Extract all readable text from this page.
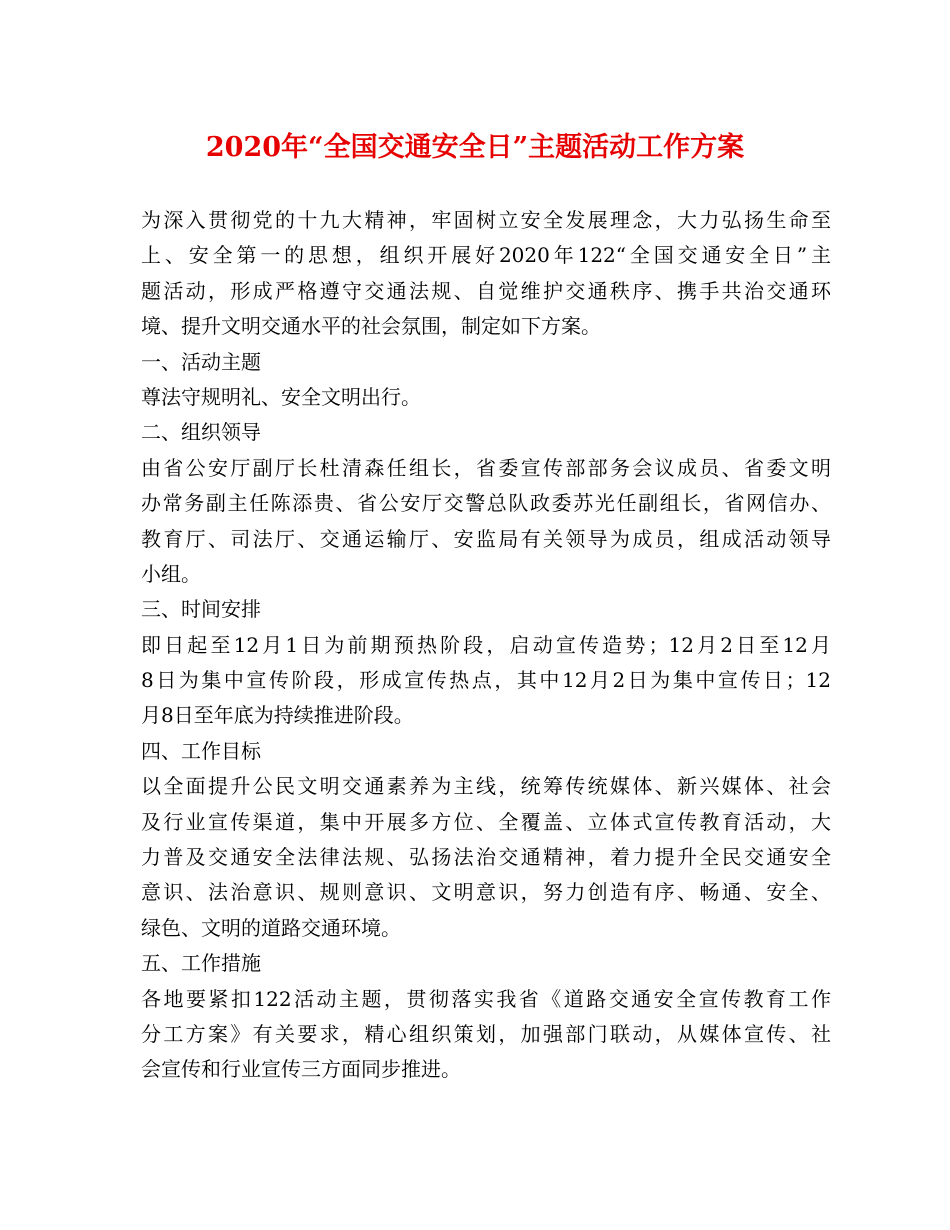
2020年“全国交通安全日”主题活动工作方案
为深入贯彻党的十九大精神，牢固树立安全发展理念，大力弘扬生命至
上、安全第一的思想，组织开展好2020年122“全国交通安全日”主
题活动，形成严格遵守交通法规、自觉维护交通秩序、携手共治交通环
境、提升文明交通水平的社会氛围，制定如下方案。
一、活动主题
尊法守规明礼、安全文明出行。
二、组织领导
由省公安厅副厅长杜清森任组长，省委宣传部部务会议成员、省委文明
办常务副主任陈添贵、省公安厅交警总队政委苏光任副组长，省网信办、
教育厅、司法厅、交通运输厅、安监局有关领导为成员，组成活动领导
小组。
三、时间安排
即日起至12月1日为前期预热阶段，启动宣传造势；12月2日至12月
8日为集中宣传阶段，形成宣传热点，其中12月2日为集中宣传日；12
月8日至年底为持续推进阶段。
四、工作目标
以全面提升公民文明交通素养为主线，统筹传统媒体、新兴媒体、社会
及行业宣传渠道，集中开展多方位、全覆盖、立体式宣传教育活动，大
力普及交通安全法律法规、弘扬法治交通精神，着力提升全民交通安全
意识、法治意识、规则意识、文明意识，努力创造有序、畅通、安全、
绿色、文明的道路交通环境。
五、工作措施
各地要紧扣122活动主题，贯彻落实我省《道路交通安全宣传教育工作
分工方案》有关要求，精心组织策划，加强部门联动，从媒体宣传、社
会宣传和行业宣传三方面同步推进。
